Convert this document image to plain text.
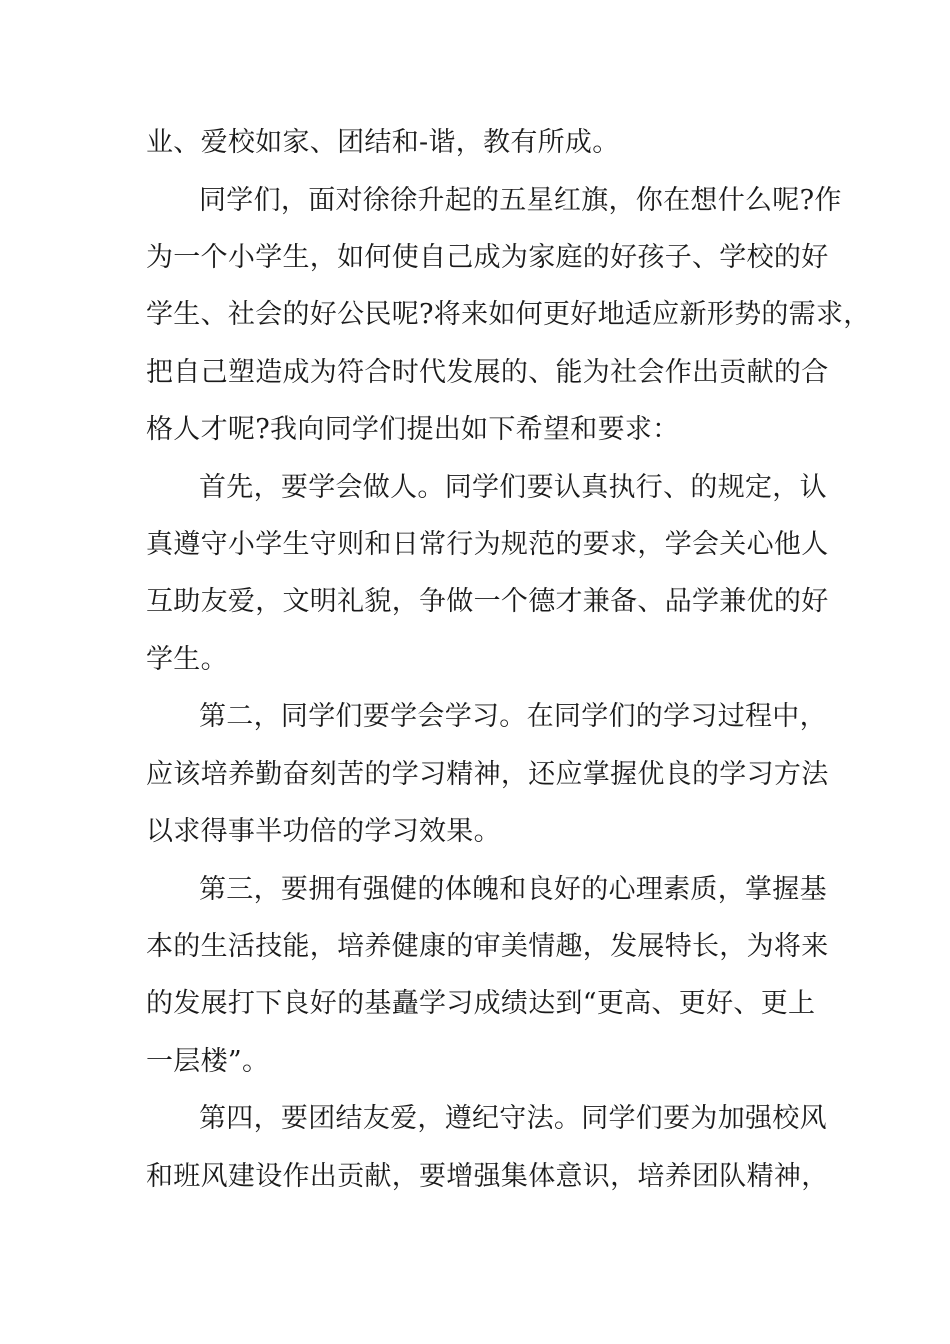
业、爱校如家、团结和-谐，教有所成。
同学们，面对徐徐升起的五星红旗，你在想什么呢?作
为一个小学生，如何使自己成为家庭的好孩子、学校的好
学生、社会的好公民呢?将来如何更好地适应新形势的需求，
把自己塑造成为符合时代发展的、能为社会作出贡献的合
格人才呢?我向同学们提出如下希望和要求：
首先，要学会做人。同学们要认真执行、的规定，认
真遵守小学生守则和日常行为规范的要求，学会关心他人
互助友爱，文明礼貌，争做一个德才兼备、品学兼优的好
学生。
第二，同学们要学会学习。在同学们的学习过程中，
应该培养勤奋刻苦的学习精神，还应掌握优良的学习方法
以求得事半功倍的学习效果。
第三，要拥有强健的体魄和良好的心理素质，掌握基
本的生活技能，培养健康的审美情趣，发展特长，为将来
的发展打下良好的基矗学习成绩达到“更高、更好、更上
一层楼”。
第四，要团结友爱，遵纪守法。同学们要为加强校风
和班风建设作出贡献，要增强集体意识，培养团队精神，
